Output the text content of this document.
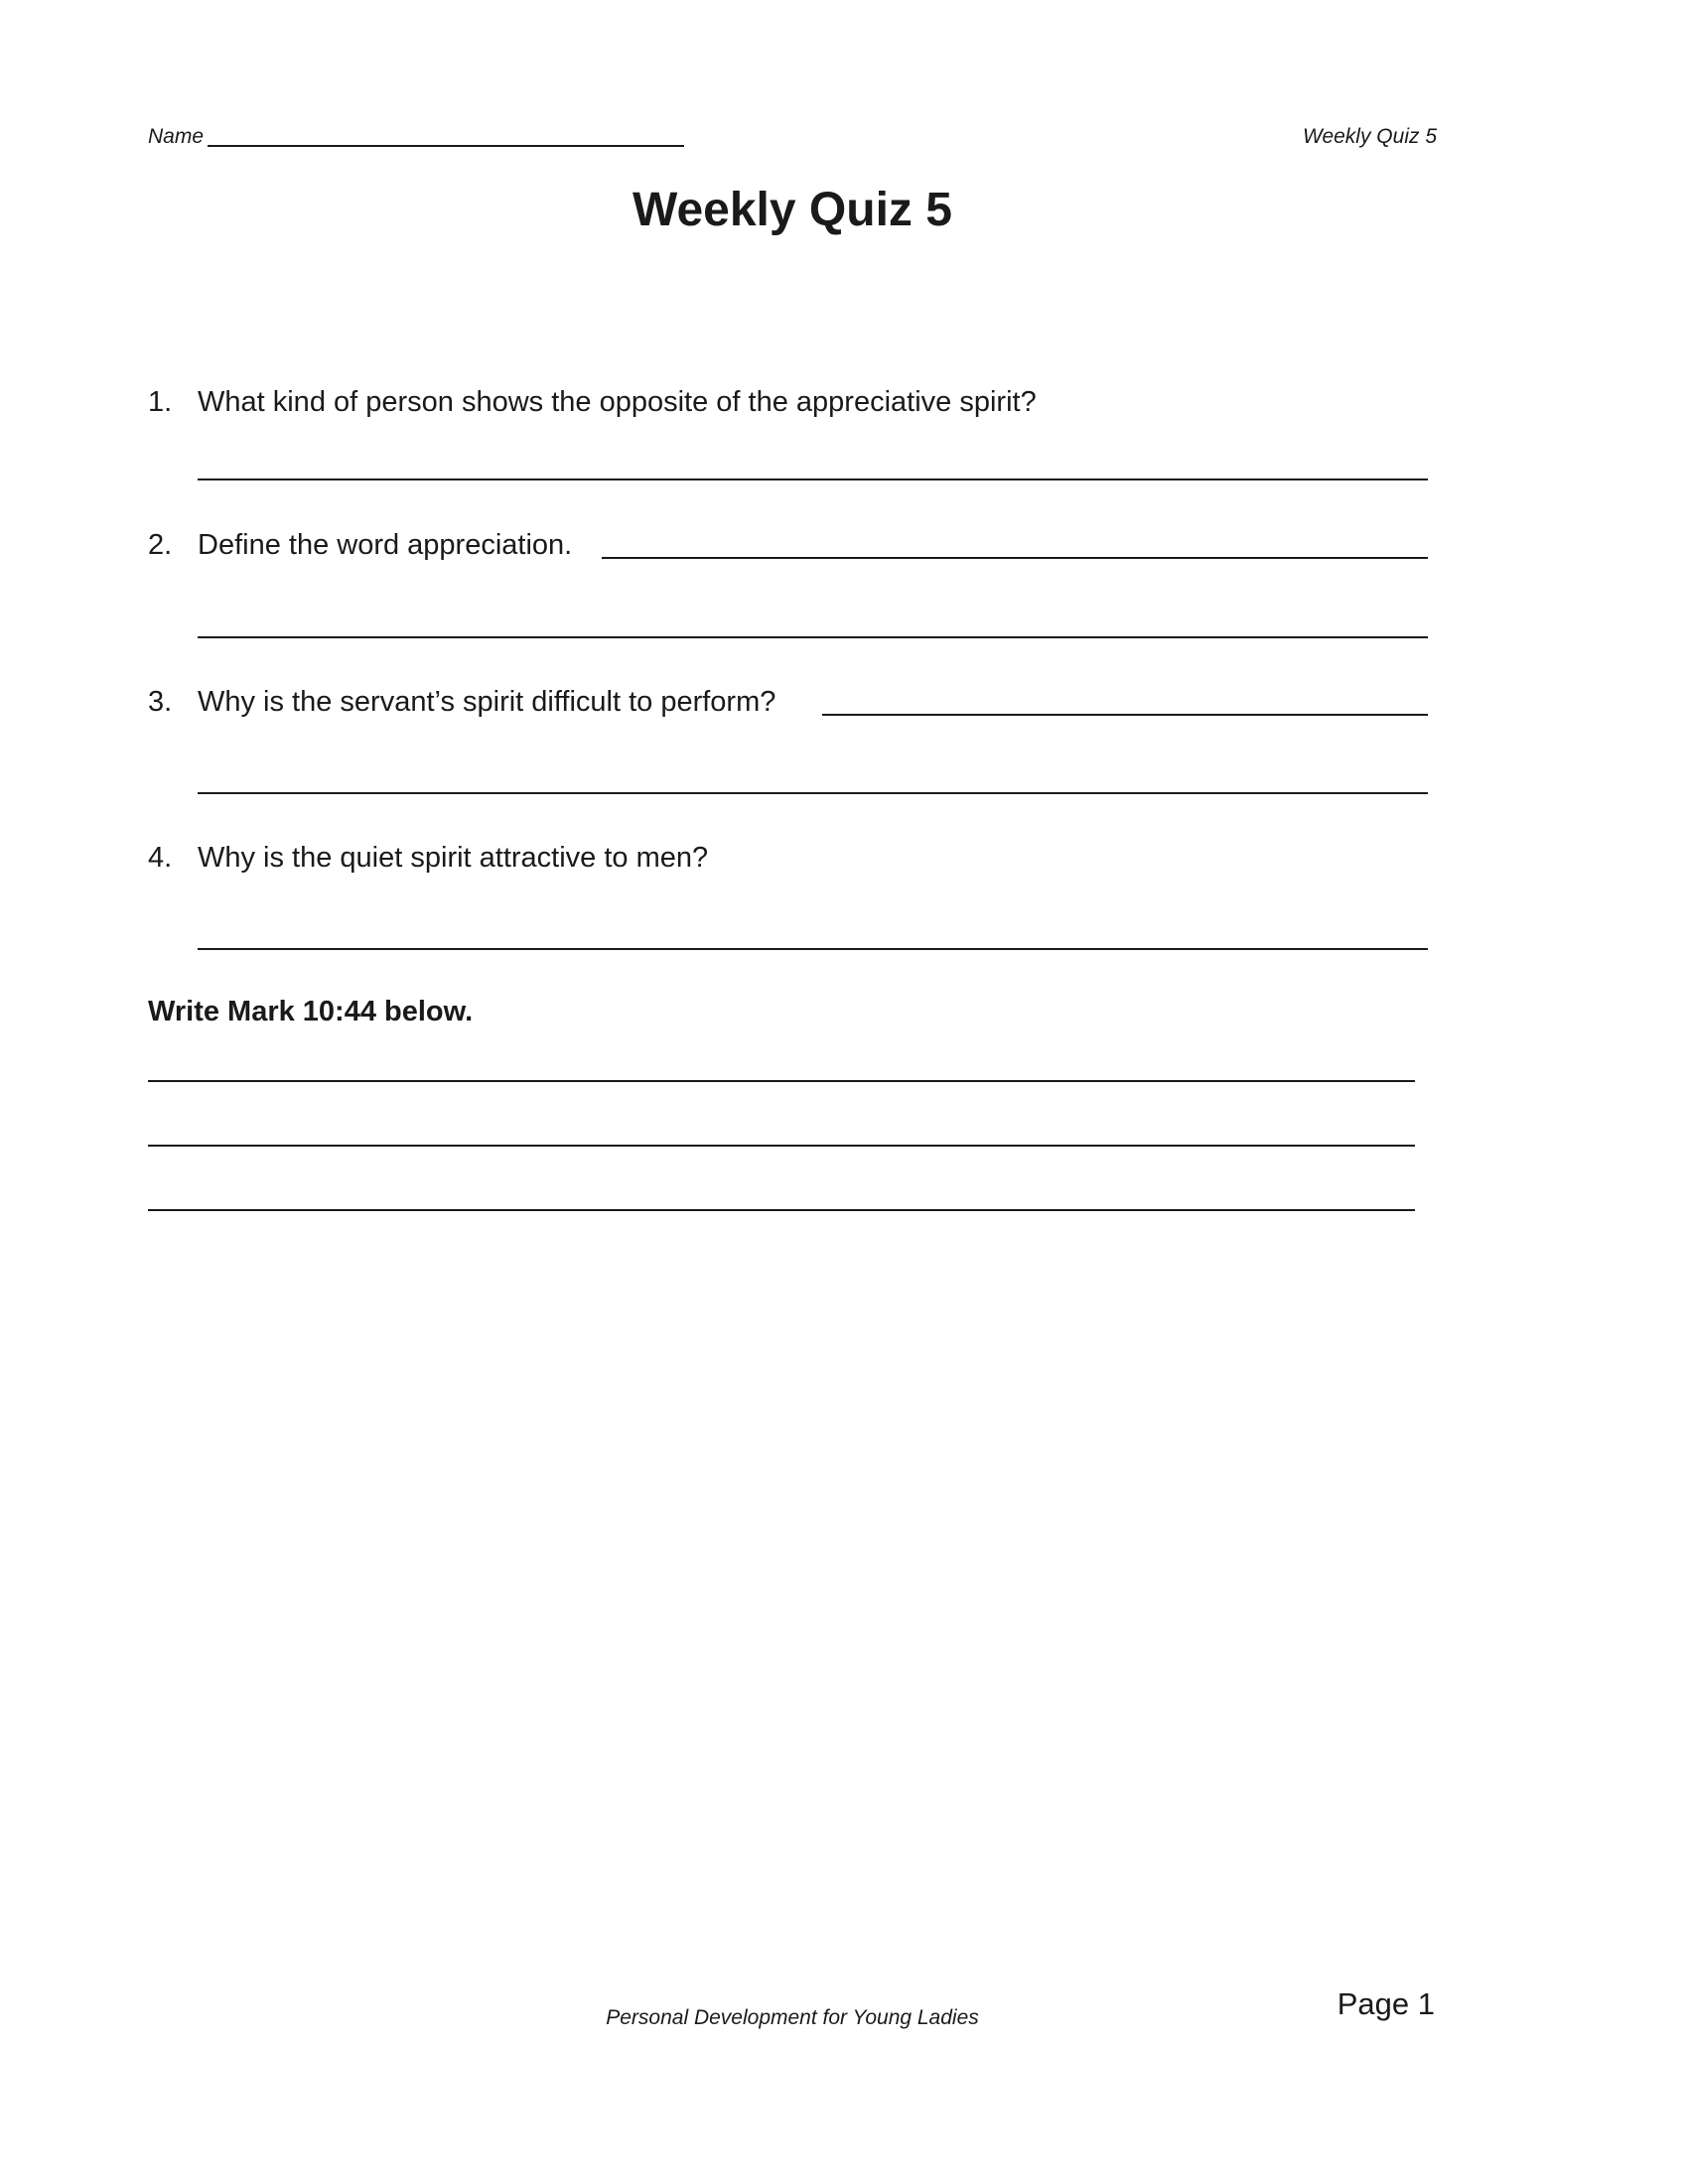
Name	Weekly Quiz 5
Weekly Quiz 5
1. What kind of person shows the opposite of the appreciative spirit?
2. Define the word appreciation.
3. Why is the servant’s spirit difficult to perform?
4. Why is the quiet spirit attractive to men?
Write Mark 10:44 below.
Personal Development for Young Ladies	Page 1
